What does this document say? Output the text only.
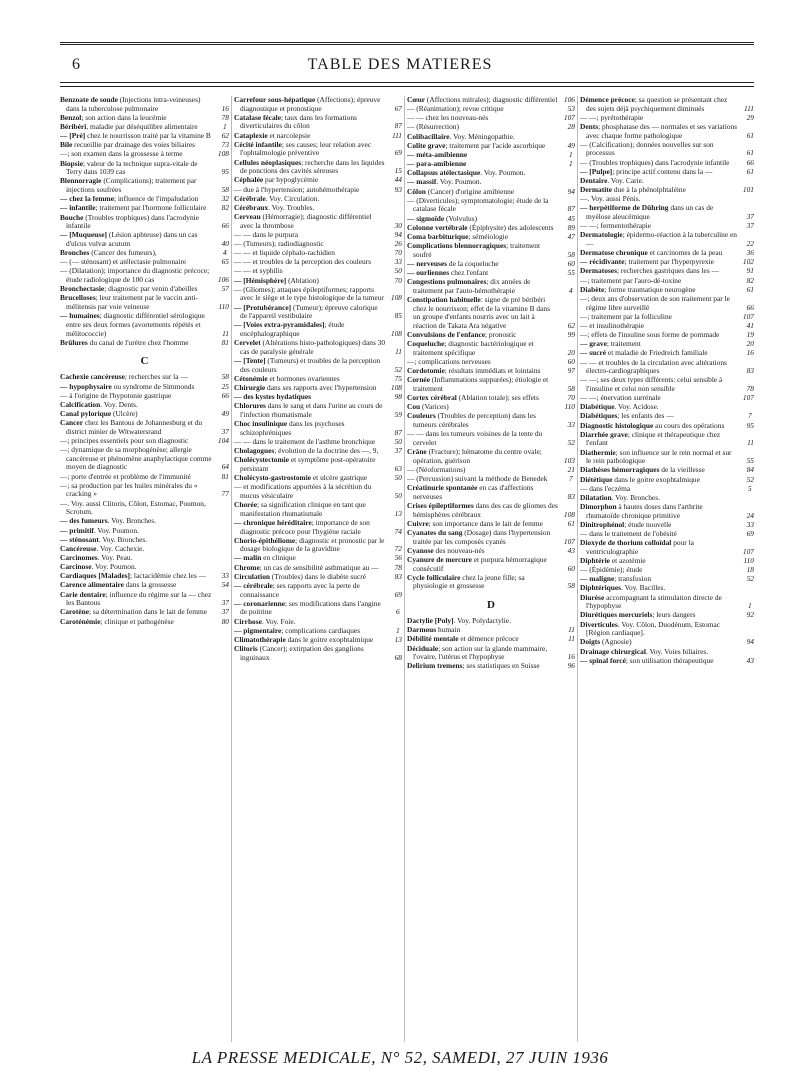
6	TABLE DES MATIERES

Benzoate de soude (Injections intra-veineuses) dans la tuberculose pulmonaire	16

Benzol; son action dans la leucémie	78

Béribéri, maladie par déséquilibre alimentaire	1

— [Pré] chez le nourrisson traité par la vitamine B 62

Bile recueillie par drainage des voies biliaires	73

—; son examen dans la grossesse à terme	108

Biopsie; valeur de la technique supra-vitale de Terry dans 1039 cas	95

Blennorragie (Complications); traitement par injections soufrées	58

— chez la femme; influence de l'impaludation	32

— infantile; traitement par l'hormone folliculaire 82

Bouche (Troubles trophiques) dans l'acrodynie infantile	66

— [Muqueuse] (Lésion aphteuse) dans un cas d'ulcus vulvæ acutum	40

Bronches (Cancer des fumeurs),	4

— (— sténosant) et atélectasie pulmonaire	65

— (Dilatation); importance du diagnostic précoce; étude radiologique de 100 cas	106

Bronchectasie; diagnostic par venin d'abeilles	57

Brucelloses; leur traitement par le vaccin anti-mélitensis par voie veineuse	110

— humaines; diagnostic différentiel sérologique entre ses deux formes (avortements répétés et mélitococcie)	11

Brûlures du canal de l'urètre chez l'homme	81

C

Cachexie cancéreuse; recherches sur la —	58

— hypophysaire ou syndrome de Simmonds	25

— à l'origine de l'hypotonie gastrique	66

Calcification. Voy. Dents.

Canal pylorique (Ulcère)	49

Cancer chez les Bantous de Johannesburg et du district minier de Witwatersrand	37

—; principes essentiels pour son diagnostic	104

—; dynamique de sa morphogénèse; allergie cancéreuse et phénomène anaphylactique comme moyen de diagnostic	64

—; porte d'entrée et problème de l'immunité	81

—; sa production par les huiles minérales du « cracking »	77

—. Voy. aussi Clitoris, Côlon, Estomac, Poumon, Scrotum.

— des fumeurs. Voy. Bronches.

— primitif. Voy. Poumon.

— sténosant. Voy. Bronches.

Cancéreuse. Voy. Cachexie.

Carcinomes. Voy. Peau.

Carcinose. Voy. Poumon.

Cardiaques [Malades]; lactacidémie chez les — 33

Carence alimentaire dans la grossesse	54

Carie dentaire; influence du régime sur la — chez les Bantous	37

Carotène; sa détermination dans le lait de femme 37

Caroténémie; clinique et pathogénèse	80

Carrefour sous-hépatique (Affections); épreuve diagnostique et pronostique	67

Catalase fécale; taux dans les formations diverticulaires du côlon	87

Cataplexie et narcolepsie	111

Cécité infantile; ses causes; leur relation avec l'ophtalmologie préventive	69

Cellules néoplasiques; recherche dans les liquides de ponctions des cavités séreuses	15

Céphalée par hypoglycémie	44

— due à l'hypertension; autohémothérapie	93

Cérébrale. Voy. Circulation.

Cérébraux. Voy. Troubles.

Cerveau (Hémorragie); diagnostic différentiel avec la thrombose	30

— — dans le purpura	94

— (Tumeurs); radiodiagnostic	26

— — et liquide céphalo-rachidien	70

— — et troubles de la perception des couleurs	33

— — et syphilis	50

— [Hémisphère] (Ablation)	70

— (Gliomes); attaques épileptiformes; rapports avec le siège et le type histologique de la tumeur 108

— [Protubérance] (Tumeur); épreuve calorique de l'appareil vestibulaire	85

— [Voies extra-pyramidales]; étude encéphalographique	108

Cervelet (Altérations histo-pathologiques) dans 30 cas de paralysie générale	11

— [Tente] (Tumeurs) et troubles de la perception des couleurs	52

Cétonémie et hormones ovariennes	75

Chirurgie dans ses rapports avec l'hypertension 108

— des kystes hydatiques	98

Chlorures dans le sang et dans l'urine au cours de l'infection rhumatismale	59

Choc insulinique dans les psychoses schizophréniques	87

— — dans le traitement de l'asthme bronchique	50

Cholagogues; évolution de la doctrine des —, 9, 37

Cholécystectomie et symptôme post-opératoire persistant	63

Cholécysto-gastrostomie et ulcère gastrique	50

— et modifications apportées à la sécrétion du mucus vésiculaire	50

Chorée; sa signification clinique en tant que manifestation rhumatismale	13

— chronique héréditaire; importance de son diagnostic précoce pour l'hygiène raciale	74

Chorio-épithéliome; diagnostic et pronostic par le dosage biologique de la gravidine	72

— malin en clinique	56

Chrome; un cas de sensibilité asthmatique au — 78

Circulation (Troubles) dans le diabète sucré	83

— cérébrale; ses rapports avec la perte de connaissance	69

— coronarienne; ses modifications dans l'angine de poitrine	6

Cirrhose. Voy. Foie.

— pigmentaire; complications cardiaques	1

Climatothérapie dans le goitre exophtalmique	13

Clitoris (Cancer); extirpation des ganglions inguinaux	68

Cœur (Affections mitrales); diagnostic différentiel 106

— (Réanimation); revue critique	53

— — chez les nouveau-nés	107

— (Résurrection)	28

Colibacillaire. Voy. Méningopathie.

Colite grave; traitement par l'acide ascorbique	49

— méta-amibienne	1

— para-amibienne	1

Collapsus atélectasique. Voy. Poumon.

— massif. Voy. Poumon.

Côlon (Cancer) d'origine amibienne	94

— (Diverticules); symptomatologie; étude de la catalase fécale	87

— sigmoïde (Volvulus)	45

Colonne vertébrale (Épiphysite) des adolescents 89

Coma barbiturique; séméiologie	47

Complications blennorragiques; traitement soufré	58

— nerveuses de la coqueluche	60

— ourliennes chez l'enfant	55

Congestions pulmonaires; dix années de traitement par l'auto-hémothérapie	4

Constipation habituelle: signe de pré béribéri chez le nourrisson; effet de la vitamine B dans un groupe d'enfants nourris avec un lait à réaction de Takata Ara négative	62

Convulsions de l'enfance; pronostic	99

Coqueluche; diagnostic bactériologique et traitement spécifique	20

—; complications nerveuses	60

Cordotomie; résultats immédiats et lointains	97

Cornée (Inflammations suppurées); étiologie et traitement	58

Cortex cérébral (Ablation totale); ses effets	70

Cou (Varices)	110

Couleurs (Troubles de perception) dans les tumeurs cérébrales	33

— — dans les tumeurs voisines de la tente du cervelet	52

Crâne (Fracture); hématome du centre ovale; opération, guérison	103

— (Néoformations)	21

— (Percussion) suivant la méthode de Benedek	7

Créatinurie spontanée en cas d'affections nerveuses	83

Crises épileptiformes dans des cas de gliomes des hémisphères cérébraux	108

Cuivre; son importance dans le lait de femme	61

Cyanates du sang (Dosage) dans l'hypertension traitée par les composés cyanés	107

Cyanose des nouveau-nés	43

Cyanure de mercure et purpura hémorragique consécutif	60

Cycle folliculaire chez la jeune fille; sa physiologie et grossesse	58

D

Dactylie [Poly]. Voy. Polydactylie.

Darmous humain	11

Débilité mentale et démence précoce	11

Déciduale; son action sur la glande mammaire, l'ovaire, l'utérus et l'hypophyse	16

Delirium tremens; ses statistiques en Suisse	96

Démence précoce; sa question se présentant chez des sujets déjà psychiquement diminués	111

— —; pyrétothérapie	29

Dents; phosphatase des — normales et ses variations avec chaque forme pathologique	61

— (Calcification); données nouvelles sur son processus	61

— (Troubles trophiques) dans l'acrodynie infantile 66

— [Pulpe]; principe actif contenu dans la —	61

Dentaire. Voy. Carie.

Dermatite due à la phénolphtaléine	101

—. Voy. aussi Pénis.

— herpétiforme de Dühring dans un cas de myélose aleucémique	37

— —; fermentothérapie	37

Dermatologie; épidermo-réaction à la tuberculine en —	22

Dermatose chronique et carcinomes de la peau	36

— récidivante; traitement par l'hyperpyrexie	102

Dermatoses; recherches gastriques dans les —	91

—; traitement par l'auro-dé-toxine	82

Diabète; forme traumatique neurogène	61

—; deux ans d'observation de son traitement par le régime libre surveillé	66

—; traitement par la folliculine	107

— et insulinothérapie	41

—; effets de l'insuline sous forme de pommade	19

— grave; traitement	20

— sucré et maladie de Friedreich familiale	16

— — et troubles de la circulation avec altérations électro-cardiographiques	83

— —; ses deux types différents: celui sensible à l'insuline et celui non sensible	78

— —; énervation surrénale	107

Diabétique. Voy. Acidose.

Diabétiques; les enfants des —	7

Diagnostic histologique au cours des opérations	95

Diarrhée grave; clinique et thérapeutique chez l'enfant	11

Diathermie; son influence sur le rein normal et sur le rein pathologique	55

Diathèses hémorragiques de la vieillesse	84

Diététique dans le goitre exophtalmique	52

— dans l'eczéma	5

Dilatation. Voy. Bronches.

Dimorphon à hautes doses dans l'arthrite rhumatoïde chronique primitive	24

Dinitrophénol; étude nouvelle	33

— dans le traitement de l'obésité	69

Dioxyde de thorium colloïdal pour la ventriculographie	107

Diphtérie et azotémie	110

— (Épidémie); étude	18

— maligne; transfusion	52

Diphtériques. Voy. Bacilles.

Diurèse accompagnant la stimulation directe de l'hypophyse	1

Diurétiques mercuriels; leurs dangers	92

Diverticules. Voy. Côlon, Duodénum, Estomac [Région cardiaque].

Doigts (Agnosie)	94

Drainage chirurgical. Voy. Voies biliaires.

— spinal forcé; son utilisation thérapeutique	43

LA PRESSE MEDICALE, N° 52, SAMEDI, 27 JUIN 1936
